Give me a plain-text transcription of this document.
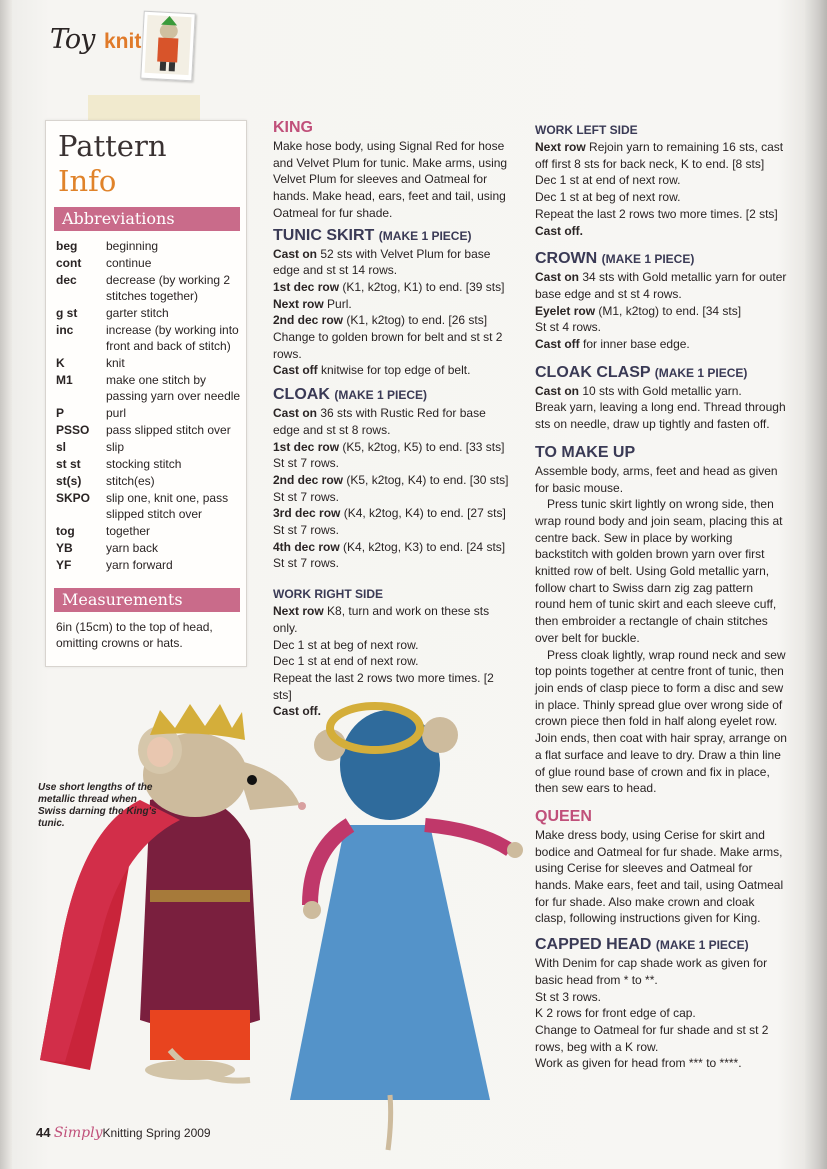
Toy knit
Pattern
Info
Abbreviations
beg	beginning
cont	continue
dec	decrease (by working 2 stitches together)
g st	garter stitch
inc	increase (by working into front and back of stitch)
K	knit
M1	make one stitch by passing yarn over needle
P	purl
PSSO	pass slipped stitch over
sl	slip
st st	stocking stitch
st(s)	stitch(es)
SKPO	slip one, knit one, pass slipped stitch over
tog	together
YB	yarn back
YF	yarn forward
Measurements
6in (15cm) to the top of head, omitting crowns or hats.
KING

Make hose body, using Signal Red for hose and Velvet Plum for tunic. Make arms, using Velvet Plum for sleeves and Oatmeal for hands. Make head, ears, feet and tail, using Oatmeal for fur shade.

TUNIC SKIRT (MAKE 1 PIECE)

Cast on 52 sts with Velvet Plum for base edge and st st 14 rows.

1st dec row (K1, k2tog, K1) to end. [39 sts]

Next row Purl.

2nd dec row (K1, k2tog) to end. [26 sts]

Change to golden brown for belt and st st 2 rows.

Cast off knitwise for top edge of belt.

CLOAK (MAKE 1 PIECE)

Cast on 36 sts with Rustic Red for base edge and st st 8 rows.

1st dec row (K5, k2tog, K5) to end. [33 sts]

St st 7 rows.

2nd dec row (K5, k2tog, K4) to end. [30 sts]

St st 7 rows.

3rd dec row (K4, k2tog, K4) to end. [27 sts]

St st 7 rows.

4th dec row (K4, k2tog, K3) to end. [24 sts]

St st 7 rows.

WORK RIGHT SIDE

Next row K8, turn and work on these sts only.

Dec 1 st at beg of next row.

Dec 1 st at end of next row.

Repeat the last 2 rows two more times. [2 sts]

Cast off.

WORK LEFT SIDE

Next row Rejoin yarn to remaining 16 sts, cast off first 8 sts for back neck, K to end. [8 sts]

Dec 1 st at end of next row.

Dec 1 st at beg of next row.

Repeat the last 2 rows two more times. [2 sts]

Cast off.

CROWN (MAKE 1 PIECE)

Cast on 34 sts with Gold metallic yarn for outer base edge and st st 4 rows.

Eyelet row (M1, k2tog) to end. [34 sts]

St st 4 rows.

Cast off for inner base edge.

CLOAK CLASP (MAKE 1 PIECE)

Cast on 10 sts with Gold metallic yarn.

Break yarn, leaving a long end. Thread through sts on needle, draw up tightly and fasten off.

TO MAKE UP

Assemble body, arms, feet and head as given for basic mouse.

Press tunic skirt lightly on wrong side, then wrap round body and join seam, placing this at centre back. Sew in place by working backstitch with golden brown yarn over first knitted row of belt. Using Gold metallic yarn, follow chart to Swiss darn zig zag pattern round hem of tunic skirt and each sleeve cuff, then embroider a rectangle of chain stitches over belt for buckle.

Press cloak lightly, wrap round neck and sew top points together at centre front of tunic, then join ends of clasp piece to form a disc and sew in place. Thinly spread glue over wrong side of crown piece then fold in half along eyelet row. Join ends, then coat with hair spray, arrange on a flat surface and leave to dry. Draw a thin line of glue round base of crown and fix in place, then sew ears to head.

QUEEN

Make dress body, using Cerise for skirt and bodice and Oatmeal for fur shade. Make arms, using Cerise for sleeves and Oatmeal for hands. Make ears, feet and tail, using Oatmeal for fur shade. Also make crown and cloak clasp, following instructions given for King.

CAPPED HEAD (MAKE 1 PIECE)

With Denim for cap shade work as given for basic head from * to **.

St st 3 rows.

K 2 rows for front edge of cap.

Change to Oatmeal for fur shade and st st 2 rows, beg with a K row.

Work as given for head from *** to ****.

Use short lengths of the metallic thread when Swiss darning the King's tunic.
44 SimplyKnitting Spring 2009
